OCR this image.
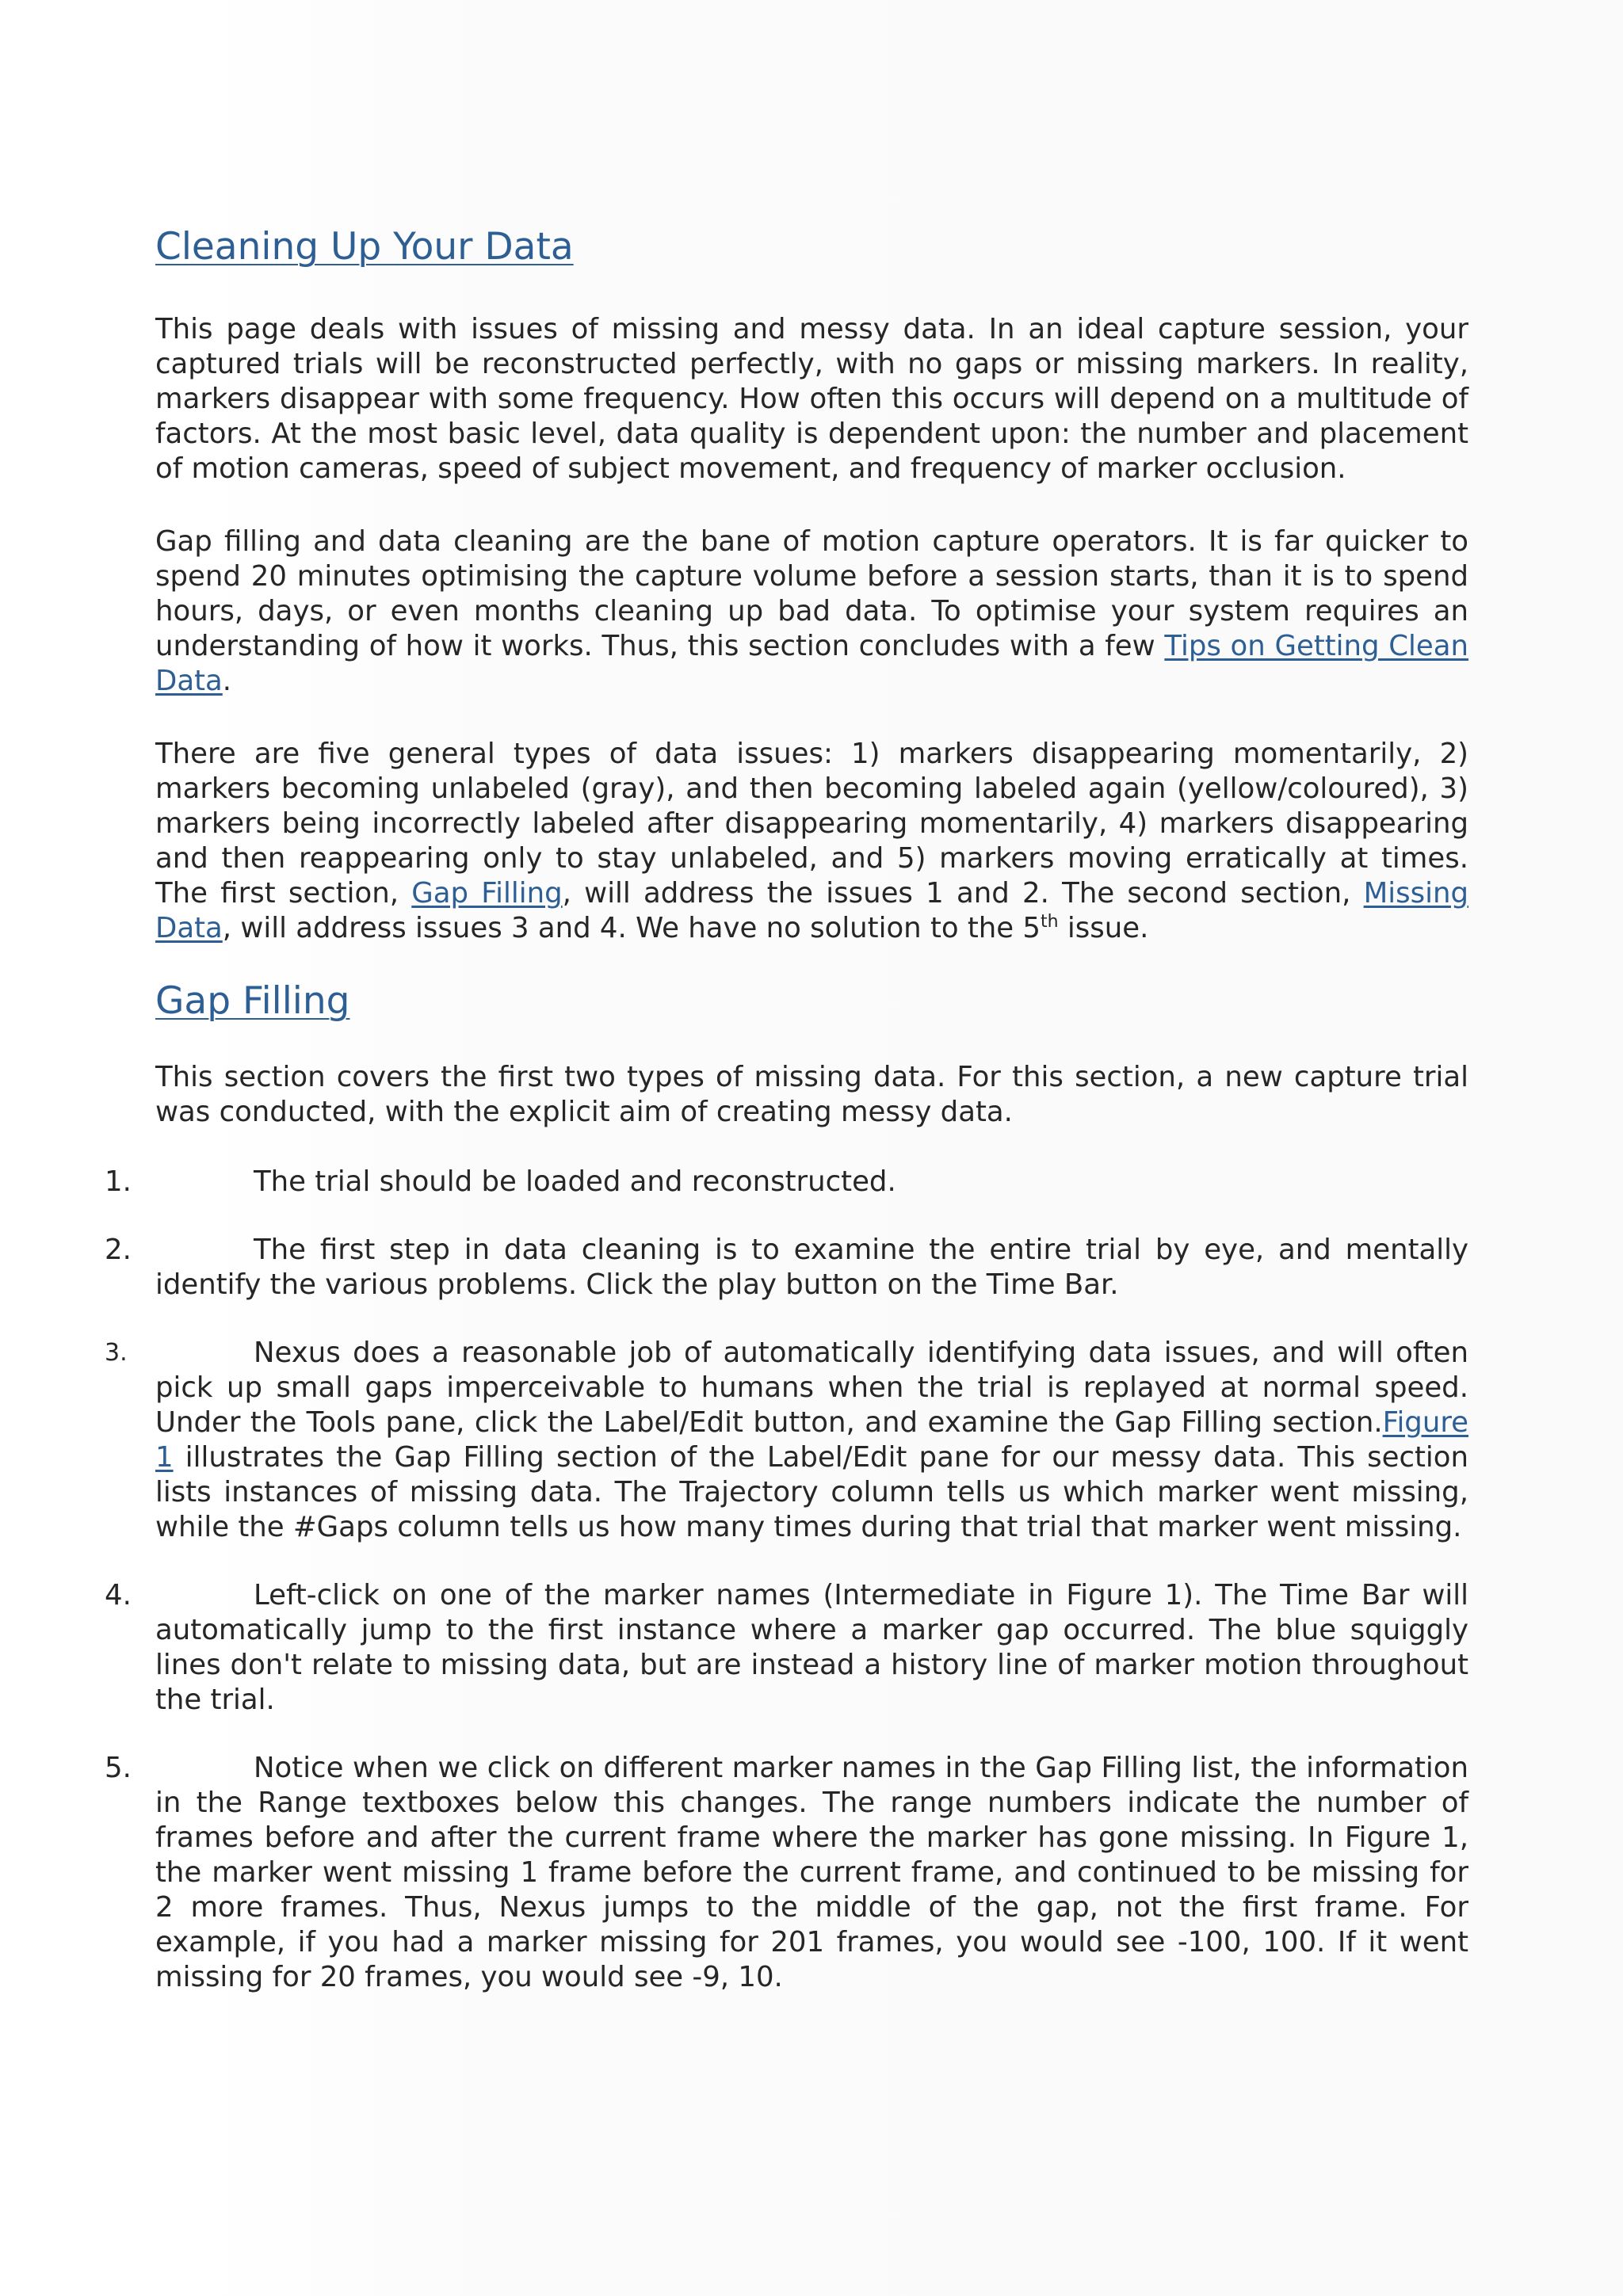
Cleaning Up Your Data

This page deals with issues of missing and messy data. In an ideal capture session, your captured trials will be reconstructed perfectly, with no gaps or missing markers. In reality, markers disappear with some frequency. How often this occurs will depend on a multitude of factors. At the most basic level, data quality is dependent upon: the number and placement of motion cameras, speed of subject movement, and frequency of marker occlusion.

Gap filling and data cleaning are the bane of motion capture operators. It is far quicker to spend 20 minutes optimising the capture volume before a session starts, than it is to spend hours, days, or even months cleaning up bad data. To optimise your system requires an understanding of how it works. Thus, this section concludes with a few Tips on Getting Clean Data.

There are five general types of data issues: 1) markers disappearing momentarily, 2) markers becoming unlabeled (gray), and then becoming labeled again (yellow/coloured), 3) markers being incorrectly labeled after disappearing momentarily, 4) markers disappearing and then reappearing only to stay unlabeled, and 5) markers moving erratically at times. The first section, Gap Filling, will address the issues 1 and 2. The second section, Missing Data, will address issues 3 and 4. We have no solution to the 5th issue.

Gap Filling

This section covers the first two types of missing data. For this section, a new capture trial was conducted, with the explicit aim of creating messy data.

1.	The trial should be loaded and reconstructed.
2.	The first step in data cleaning is to examine the entire trial by eye, and mentally identify the various problems. Click the play button on the Time Bar.
3.	Nexus does a reasonable job of automatically identifying data issues, and will often pick up small gaps imperceivable to humans when the trial is replayed at normal speed. Under the Tools pane, click the Label/Edit button, and examine the Gap Filling section.Figure 1 illustrates the Gap Filling section of the Label/Edit pane for our messy data. This section lists instances of missing data. The Trajectory column tells us which marker went missing, while the #Gaps column tells us how many times during that trial that marker went missing.
4.	Left-click on one of the marker names (Intermediate in Figure 1). The Time Bar will automatically jump to the first instance where a marker gap occurred. The blue squiggly lines don't relate to missing data, but are instead a history line of marker motion throughout the trial.
5.	Notice when we click on different marker names in the Gap Filling list, the information in the Range textboxes below this changes. The range numbers indicate the number of frames before and after the current frame where the marker has gone missing. In Figure 1, the marker went missing 1 frame before the current frame, and continued to be missing for 2 more frames. Thus, Nexus jumps to the middle of the gap, not the first frame. For example, if you had a marker missing for 201 frames, you would see -100, 100. If it went missing for 20 frames, you would see -9, 10.
